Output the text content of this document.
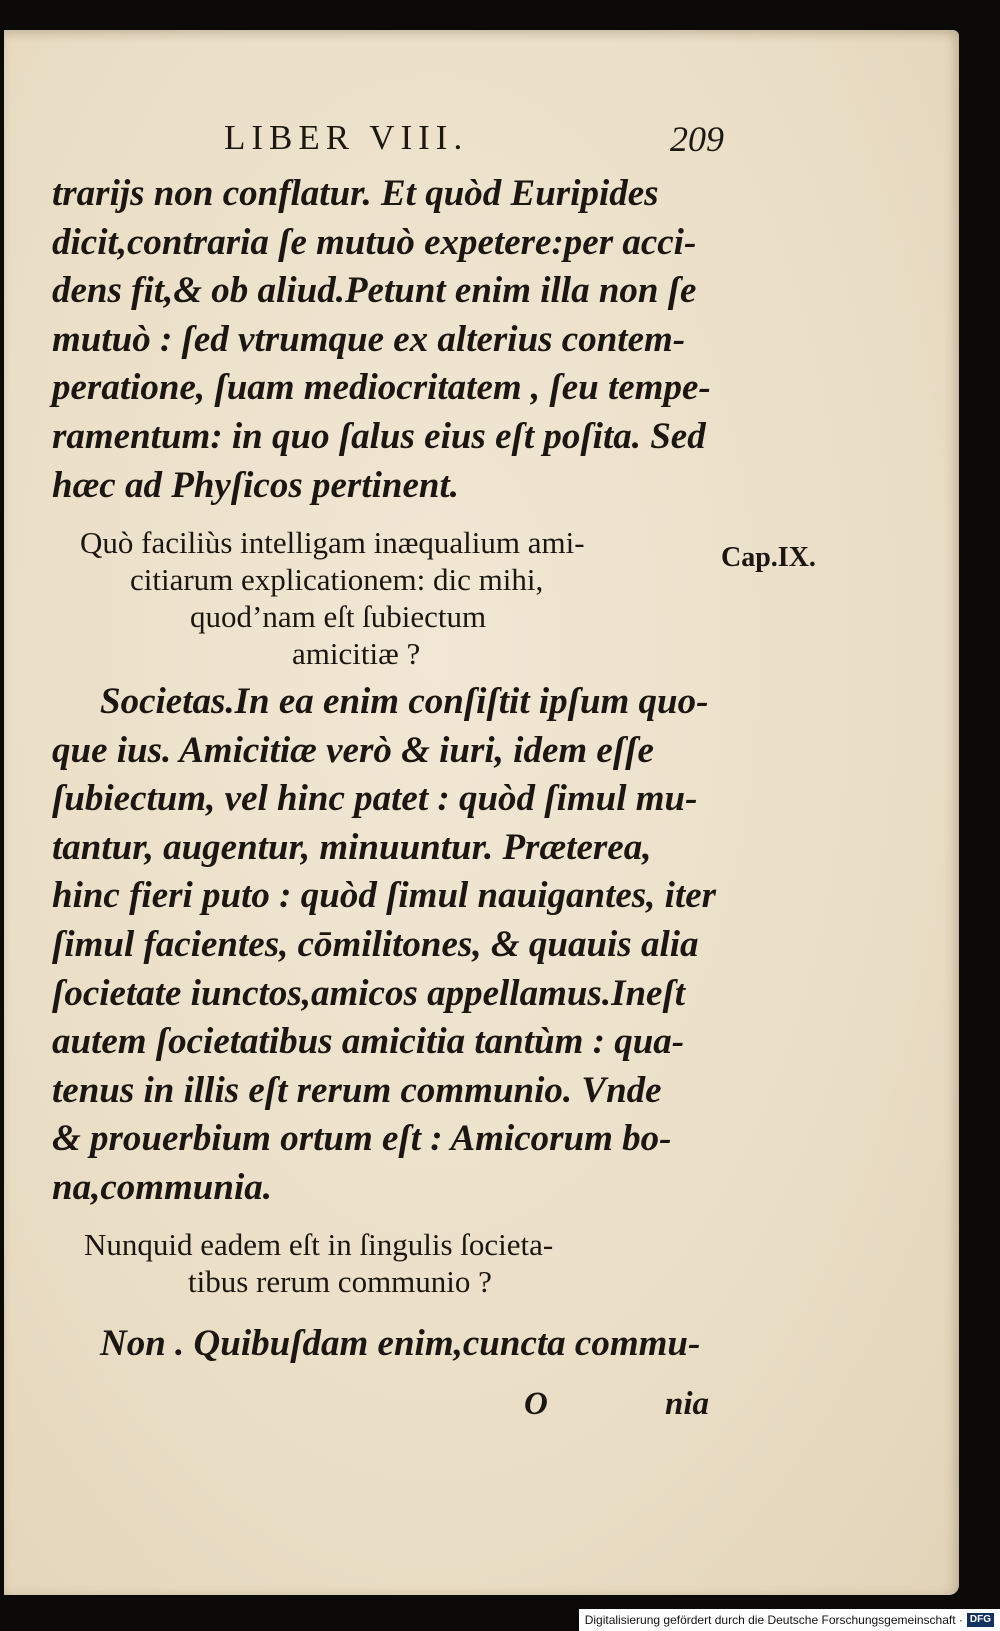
LIBER VIII.	209
trarijs non conflatur. Et quòd Euripides
dicit,contraria ſe mutuò expetere:per acci-
dens fit,& ob aliud.Petunt enim illa non ſe
mutuò : ſed vtrumque ex alterius contem-
peratione, ſuam mediocritatem , ſeu tempe-
ramentum: in quo ſalus eius eſt poſita. Sed
hæc ad Phyſicos pertinent.
Quò faciliùs intelligam inæqualium ami-
citiarum explicationem: dic mihi,
quod’nam eſt ſubiectum
amicitiæ ?
Cap.IX.
Societas.In ea enim conſiſtit ipſum quo-
que ius. Amicitiæ verò & iuri, idem eſſe
ſubiectum, vel hinc patet : quòd ſimul mu-
tantur, augentur, minuuntur. Præterea,
hinc fieri puto : quòd ſimul nauigantes, iter
ſimul facientes, cōmilitones, & quauis alia
ſocietate iunctos,amicos appellamus.Ineſt
autem ſocietatibus amicitia tantùm : qua-
tenus in illis eſt rerum communio. Vnde
& prouerbium ortum eſt : Amicorum bo-
na,communia.
Nunquid eadem eſt in ſingulis ſocieta-
tibus rerum communio ?
Non . Quibuſdam enim,cuncta commu-
O	nia
Digitalisierung gefördert durch die Deutsche Forschungsgemeinschaft · DFG
